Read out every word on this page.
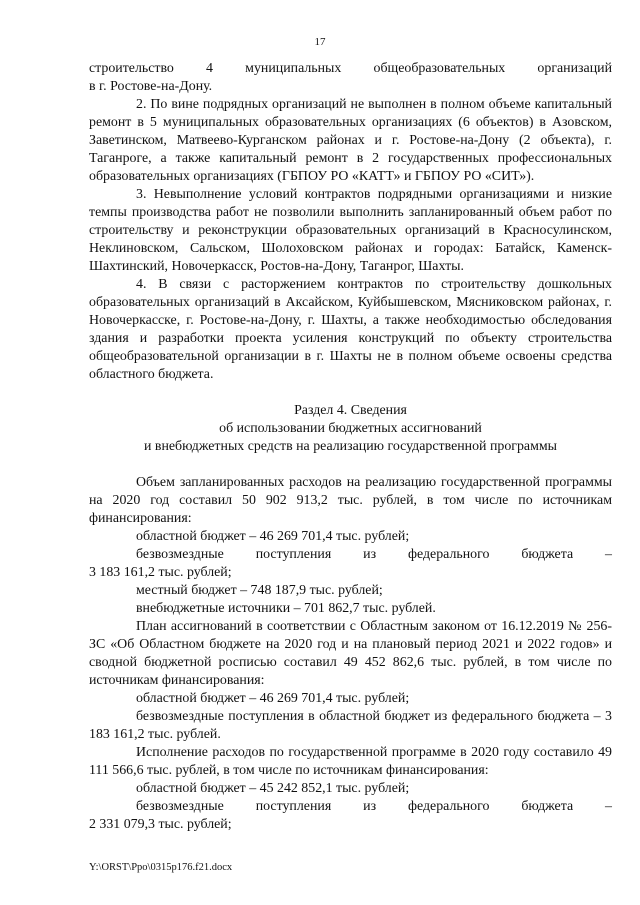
17

строительство 4 муниципальных общеобразовательных организаций
в г. Ростове-на-Дону.

2. По вине подрядных организаций не выполнен в полном объеме капитальный ремонт в 5 муниципальных образовательных организациях (6 объектов) в Азовском, Заветинском, Матвеево-Курганском районах и г. Ростове-на-Дону (2 объекта), г. Таганроге, а также капитальный ремонт в 2 государственных профессиональных образовательных организациях (ГБПОУ РО «КАТТ» и ГБПОУ РО «СИТ»).

3. Невыполнение условий контрактов подрядными организациями и низкие темпы производства работ не позволили выполнить запланированный объем работ по строительству и реконструкции образовательных организаций в Красносулинском, Неклиновском, Сальском, Шолоховском районах и городах: Батайск, Каменск-Шахтинский, Новочеркасск, Ростов-на-Дону, Таганрог, Шахты.

4. В связи с расторжением контрактов по строительству дошкольных образовательных организаций в Аксайском, Куйбышевском, Мясниковском районах, г. Новочеркасске, г. Ростове-на-Дону, г. Шахты, а также необходимостью обследования здания и разработки проекта усиления конструкций по объекту строительства общеобразовательной организации в г. Шахты не в полном объеме освоены средства областного бюджета.

Раздел 4. Сведения
об использовании бюджетных ассигнований
и внебюджетных средств на реализацию государственной программы

Объем запланированных расходов на реализацию государственной программы на 2020 год составил 50 902 913,2 тыс. рублей, в том числе по источникам финансирования:

областной бюджет – 46 269 701,4 тыс. рублей;

безвозмездные поступления из федерального бюджета –
3 183 161,2 тыс. рублей;

местный бюджет – 748 187,9 тыс. рублей;

внебюджетные источники – 701 862,7 тыс. рублей.

План ассигнований в соответствии с Областным законом от 16.12.2019 № 256-ЗС «Об Областном бюджете на 2020 год и на плановый период 2021 и 2022 годов» и сводной бюджетной росписью составил 49 452 862,6 тыс. рублей, в том числе по источникам финансирования:

областной бюджет – 46 269 701,4 тыс. рублей;

безвозмездные поступления в областной бюджет из федерального бюджета – 3 183 161,2 тыс. рублей.

Исполнение расходов по государственной программе в 2020 году составило 49 111 566,6 тыс. рублей, в том числе по источникам финансирования:

областной бюджет – 45 242 852,1 тыс. рублей;

безвозмездные поступления из федерального бюджета –
2 331 079,3 тыс. рублей;

Y:\ORST\Ppo\0315p176.f21.docx
